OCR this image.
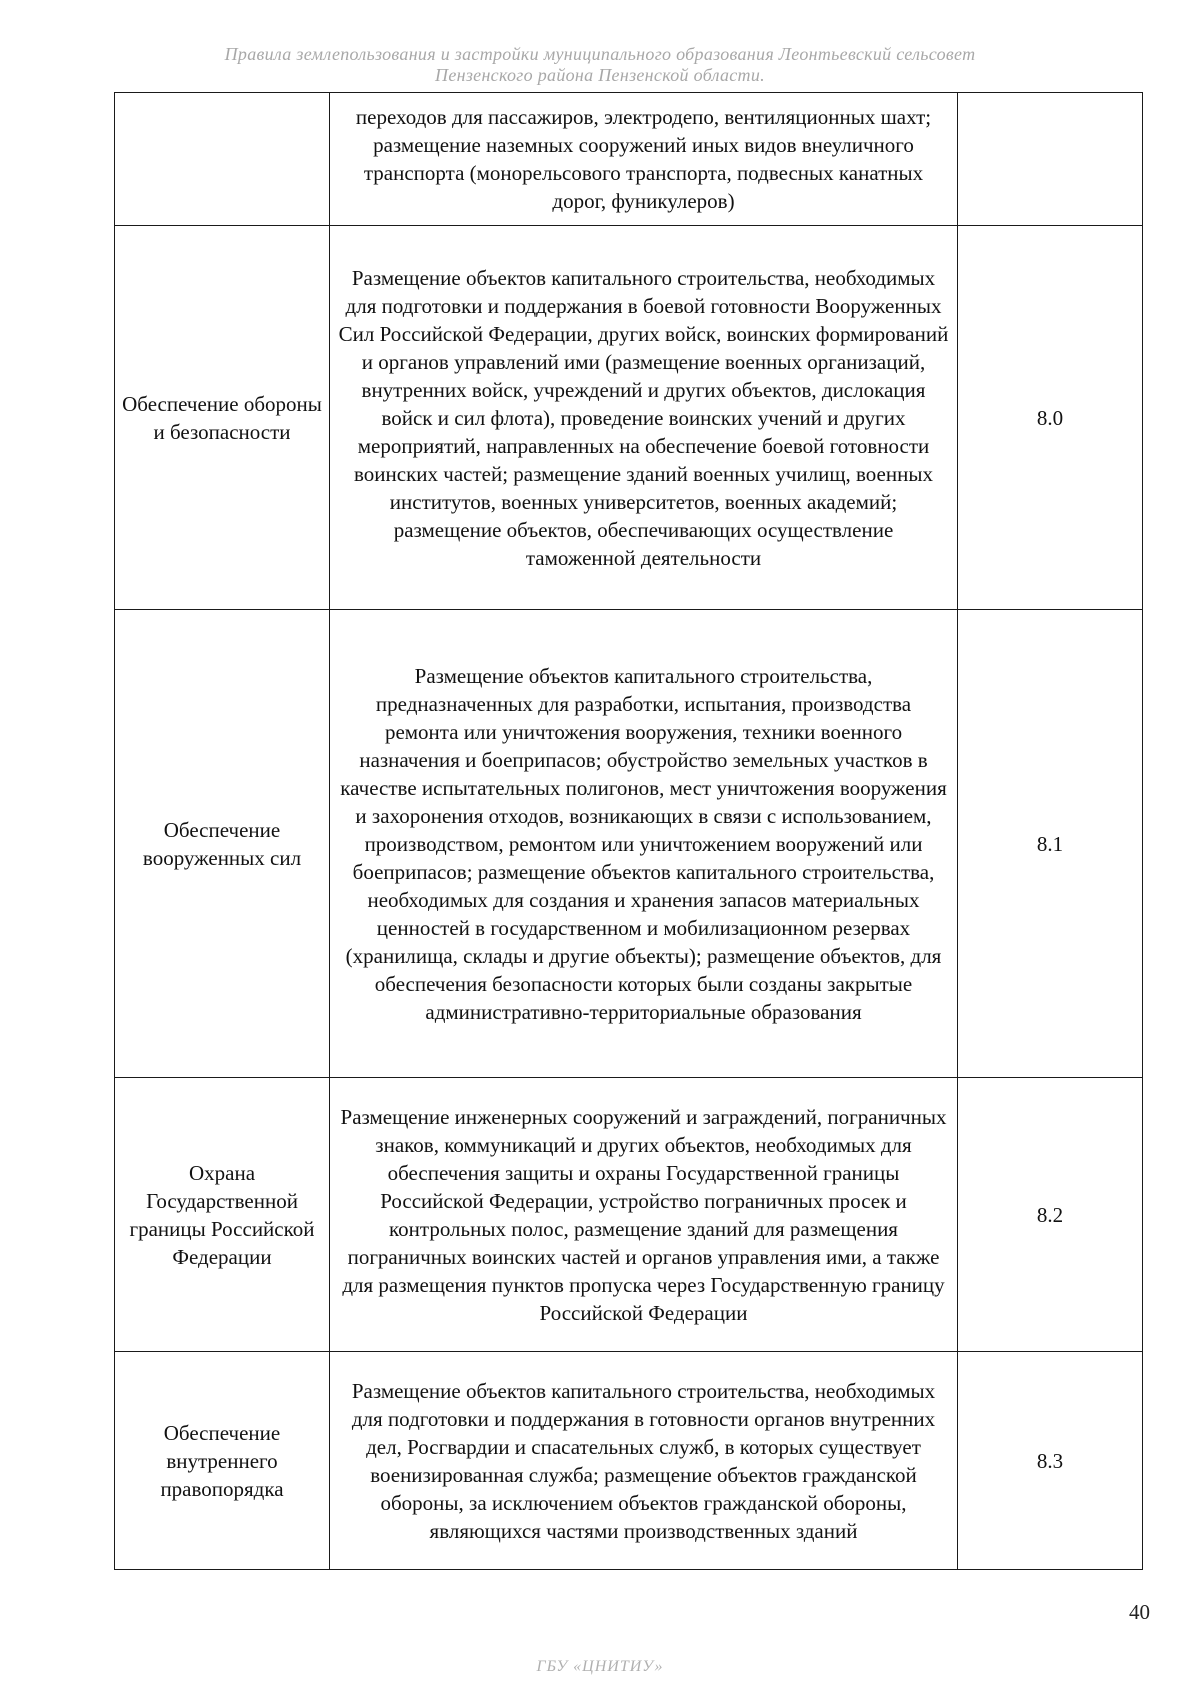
Правила землепользования и застройки муниципального образования Леонтьевский сельсовет
Пензенского района Пензенской области.
	переходов для пассажиров, электродепо, вентиляционных шахт; размещение наземных сооружений иных видов внеуличного транспорта (монорельсового транспорта, подвесных канатных дорог, фуникулеров)	
Обеспечение обороны и безопасности	Размещение объектов капитального строительства, необходимых для подготовки и поддержания в боевой готовности Вооруженных Сил Российской Федерации, других войск, воинских формирований и органов управлений ими (размещение военных организаций, внутренних войск, учреждений и других объектов, дислокация войск и сил флота), проведение воинских учений и других мероприятий, направленных на обеспечение боевой готовности воинских частей; размещение зданий военных училищ, военных институтов, военных университетов, военных академий; размещение объектов, обеспечивающих осуществление таможенной деятельности	8.0
Обеспечение вооруженных сил	Размещение объектов капитального строительства, предназначенных для разработки, испытания, производства ремонта или уничтожения вооружения, техники военного назначения и боеприпасов; обустройство земельных участков в качестве испытательных полигонов, мест уничтожения вооружения и захоронения отходов, возникающих в связи с использованием, производством, ремонтом или уничтожением вооружений или боеприпасов; размещение объектов капитального строительства, необходимых для создания и хранения запасов материальных ценностей в государственном и мобилизационном резервах (хранилища, склады и другие объекты); размещение объектов, для обеспечения безопасности которых были созданы закрытые административно-территориальные образования	8.1
Охрана Государственной границы Российской Федерации	Размещение инженерных сооружений и заграждений, пограничных знаков, коммуникаций и других объектов, необходимых для обеспечения защиты и охраны Государственной границы Российской Федерации, устройство пограничных просек и контрольных полос, размещение зданий для размещения пограничных воинских частей и органов управления ими, а также для размещения пунктов пропуска через Государственную границу Российской Федерации	8.2
Обеспечение внутреннего правопорядка	Размещение объектов капитального строительства, необходимых для подготовки и поддержания в готовности органов внутренних дел, Росгвардии и спасательных служб, в которых существует военизированная служба; размещение объектов гражданской обороны, за исключением объектов гражданской обороны, являющихся частями производственных зданий	8.3
40
ГБУ «ЦНИТИУ»
